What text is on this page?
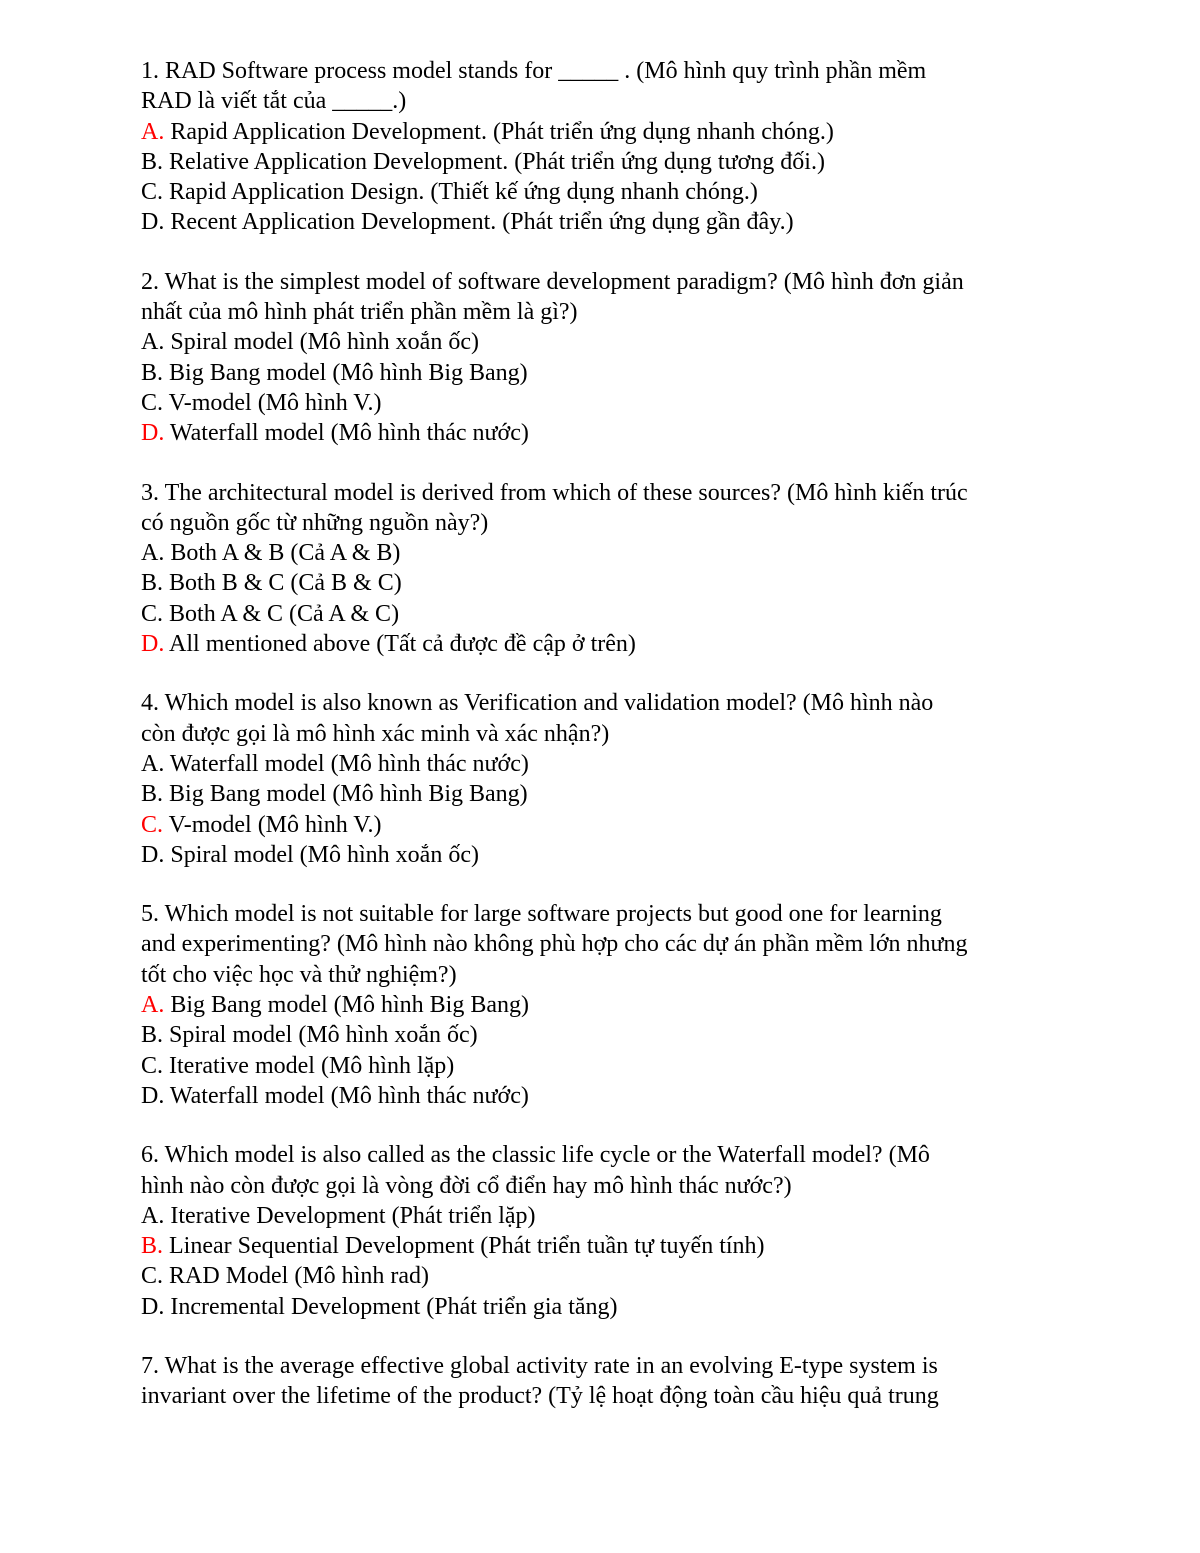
1. RAD Software process model stands for _____ . (Mô hình quy trình phần mềm
RAD là viết tắt của _____.)
A. Rapid Application Development. (Phát triển ứng dụng nhanh chóng.)
B. Relative Application Development. (Phát triển ứng dụng tương đối.)
C. Rapid Application Design. (Thiết kế ứng dụng nhanh chóng.)
D. Recent Application Development. (Phát triển ứng dụng gần đây.)
2. What is the simplest model of software development paradigm? (Mô hình đơn giản
nhất của mô hình phát triển phần mềm là gì?)
A. Spiral model (Mô hình xoắn ốc)
B. Big Bang model (Mô hình Big Bang)
C. V-model (Mô hình V.)
D. Waterfall model (Mô hình thác nước)
3. The architectural model is derived from which of these sources? (Mô hình kiến trúc
có nguồn gốc từ những nguồn này?)
A. Both A & B (Cả A & B)
B. Both B & C (Cả B & C)
C. Both A & C (Cả A & C)
D. All mentioned above (Tất cả được đề cập ở trên)
4. Which model is also known as Verification and validation model? (Mô hình nào
còn được gọi là mô hình xác minh và xác nhận?)
A. Waterfall model (Mô hình thác nước)
B. Big Bang model (Mô hình Big Bang)
C. V-model (Mô hình V.)
D. Spiral model (Mô hình xoắn ốc)
5. Which model is not suitable for large software projects but good one for learning
and experimenting? (Mô hình nào không phù hợp cho các dự án phần mềm lớn nhưng
tốt cho việc học và thử nghiệm?)
A. Big Bang model (Mô hình Big Bang)
B. Spiral model (Mô hình xoắn ốc)
C. Iterative model (Mô hình lặp)
D. Waterfall model (Mô hình thác nước)
6. Which model is also called as the classic life cycle or the Waterfall model? (Mô
hình nào còn được gọi là vòng đời cổ điển hay mô hình thác nước?)
A. Iterative Development (Phát triển lặp)
B. Linear Sequential Development (Phát triển tuần tự tuyến tính)
C. RAD Model (Mô hình rad)
D. Incremental Development (Phát triển gia tăng)
7. What is the average effective global activity rate in an evolving E-type system is
invariant over the lifetime of the product? (Tỷ lệ hoạt động toàn cầu hiệu quả trung
